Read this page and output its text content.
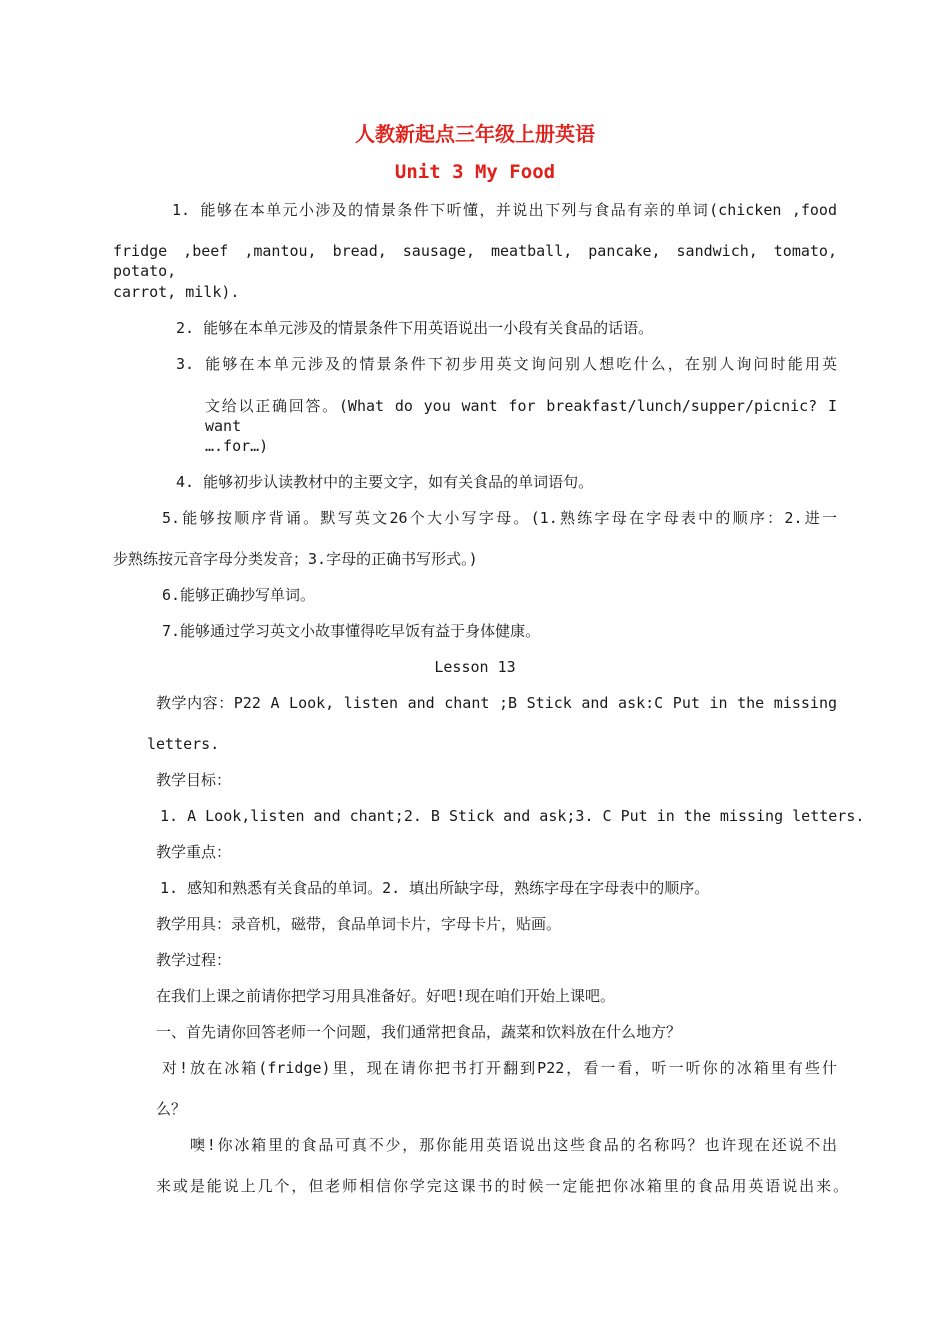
人教新起点三年级上册英语
Unit 3 My Food
1. 能够在本单元小涉及的情景条件下听懂，并说出下列与食品有亲的单词(chicken ,food
fridge ,beef ,mantou, bread, sausage, meatball, pancake, sandwich, tomato, potato,
carrot, milk).
2. 能够在本单元涉及的情景条件下用英语说出一小段有关食品的话语。
3. 能够在本单元涉及的情景条件下初步用英文询问别人想吃什么，在别人询问时能用英
文给以正确回答。(What do you want for breakfast/lunch/supper/picnic? I want
….for…)
4. 能够初步认读教材中的主要文字，如有关食品的单词语句。
5.能够按顺序背诵。默写英文26个大小写字母。(1.熟练字母在字母表中的顺序：2.进一
步熟练按元音字母分类发音；3.字母的正确书写形式。)
6.能够正确抄写单词。
7.能够通过学习英文小故事懂得吃早饭有益于身体健康。
Lesson 13
教学内容：P22 A Look, listen and chant ;B Stick and ask:C Put in the missing
letters.
教学目标：
1. A Look,listen and chant;2. B Stick and ask;3. C Put in the missing letters.
教学重点：
1. 感知和熟悉有关食品的单词。2. 填出所缺字母，熟练字母在字母表中的顺序。
教学用具：录音机，磁带，食品单词卡片，字母卡片，贴画。
教学过程：
在我们上课之前请你把学习用具准备好。好吧!现在咱们开始上课吧。
一、首先请你回答老师一个问题，我们通常把食品，蔬菜和饮料放在什么地方？
对!放在冰箱(fridge)里，现在请你把书打开翻到P22，看一看，听一听你的冰箱里有些什
么？
噢!你冰箱里的食品可真不少，那你能用英语说出这些食品的名称吗？也许现在还说不出
来或是能说上几个，但老师相信你学完这课书的时候一定能把你冰箱里的食品用英语说出来。
